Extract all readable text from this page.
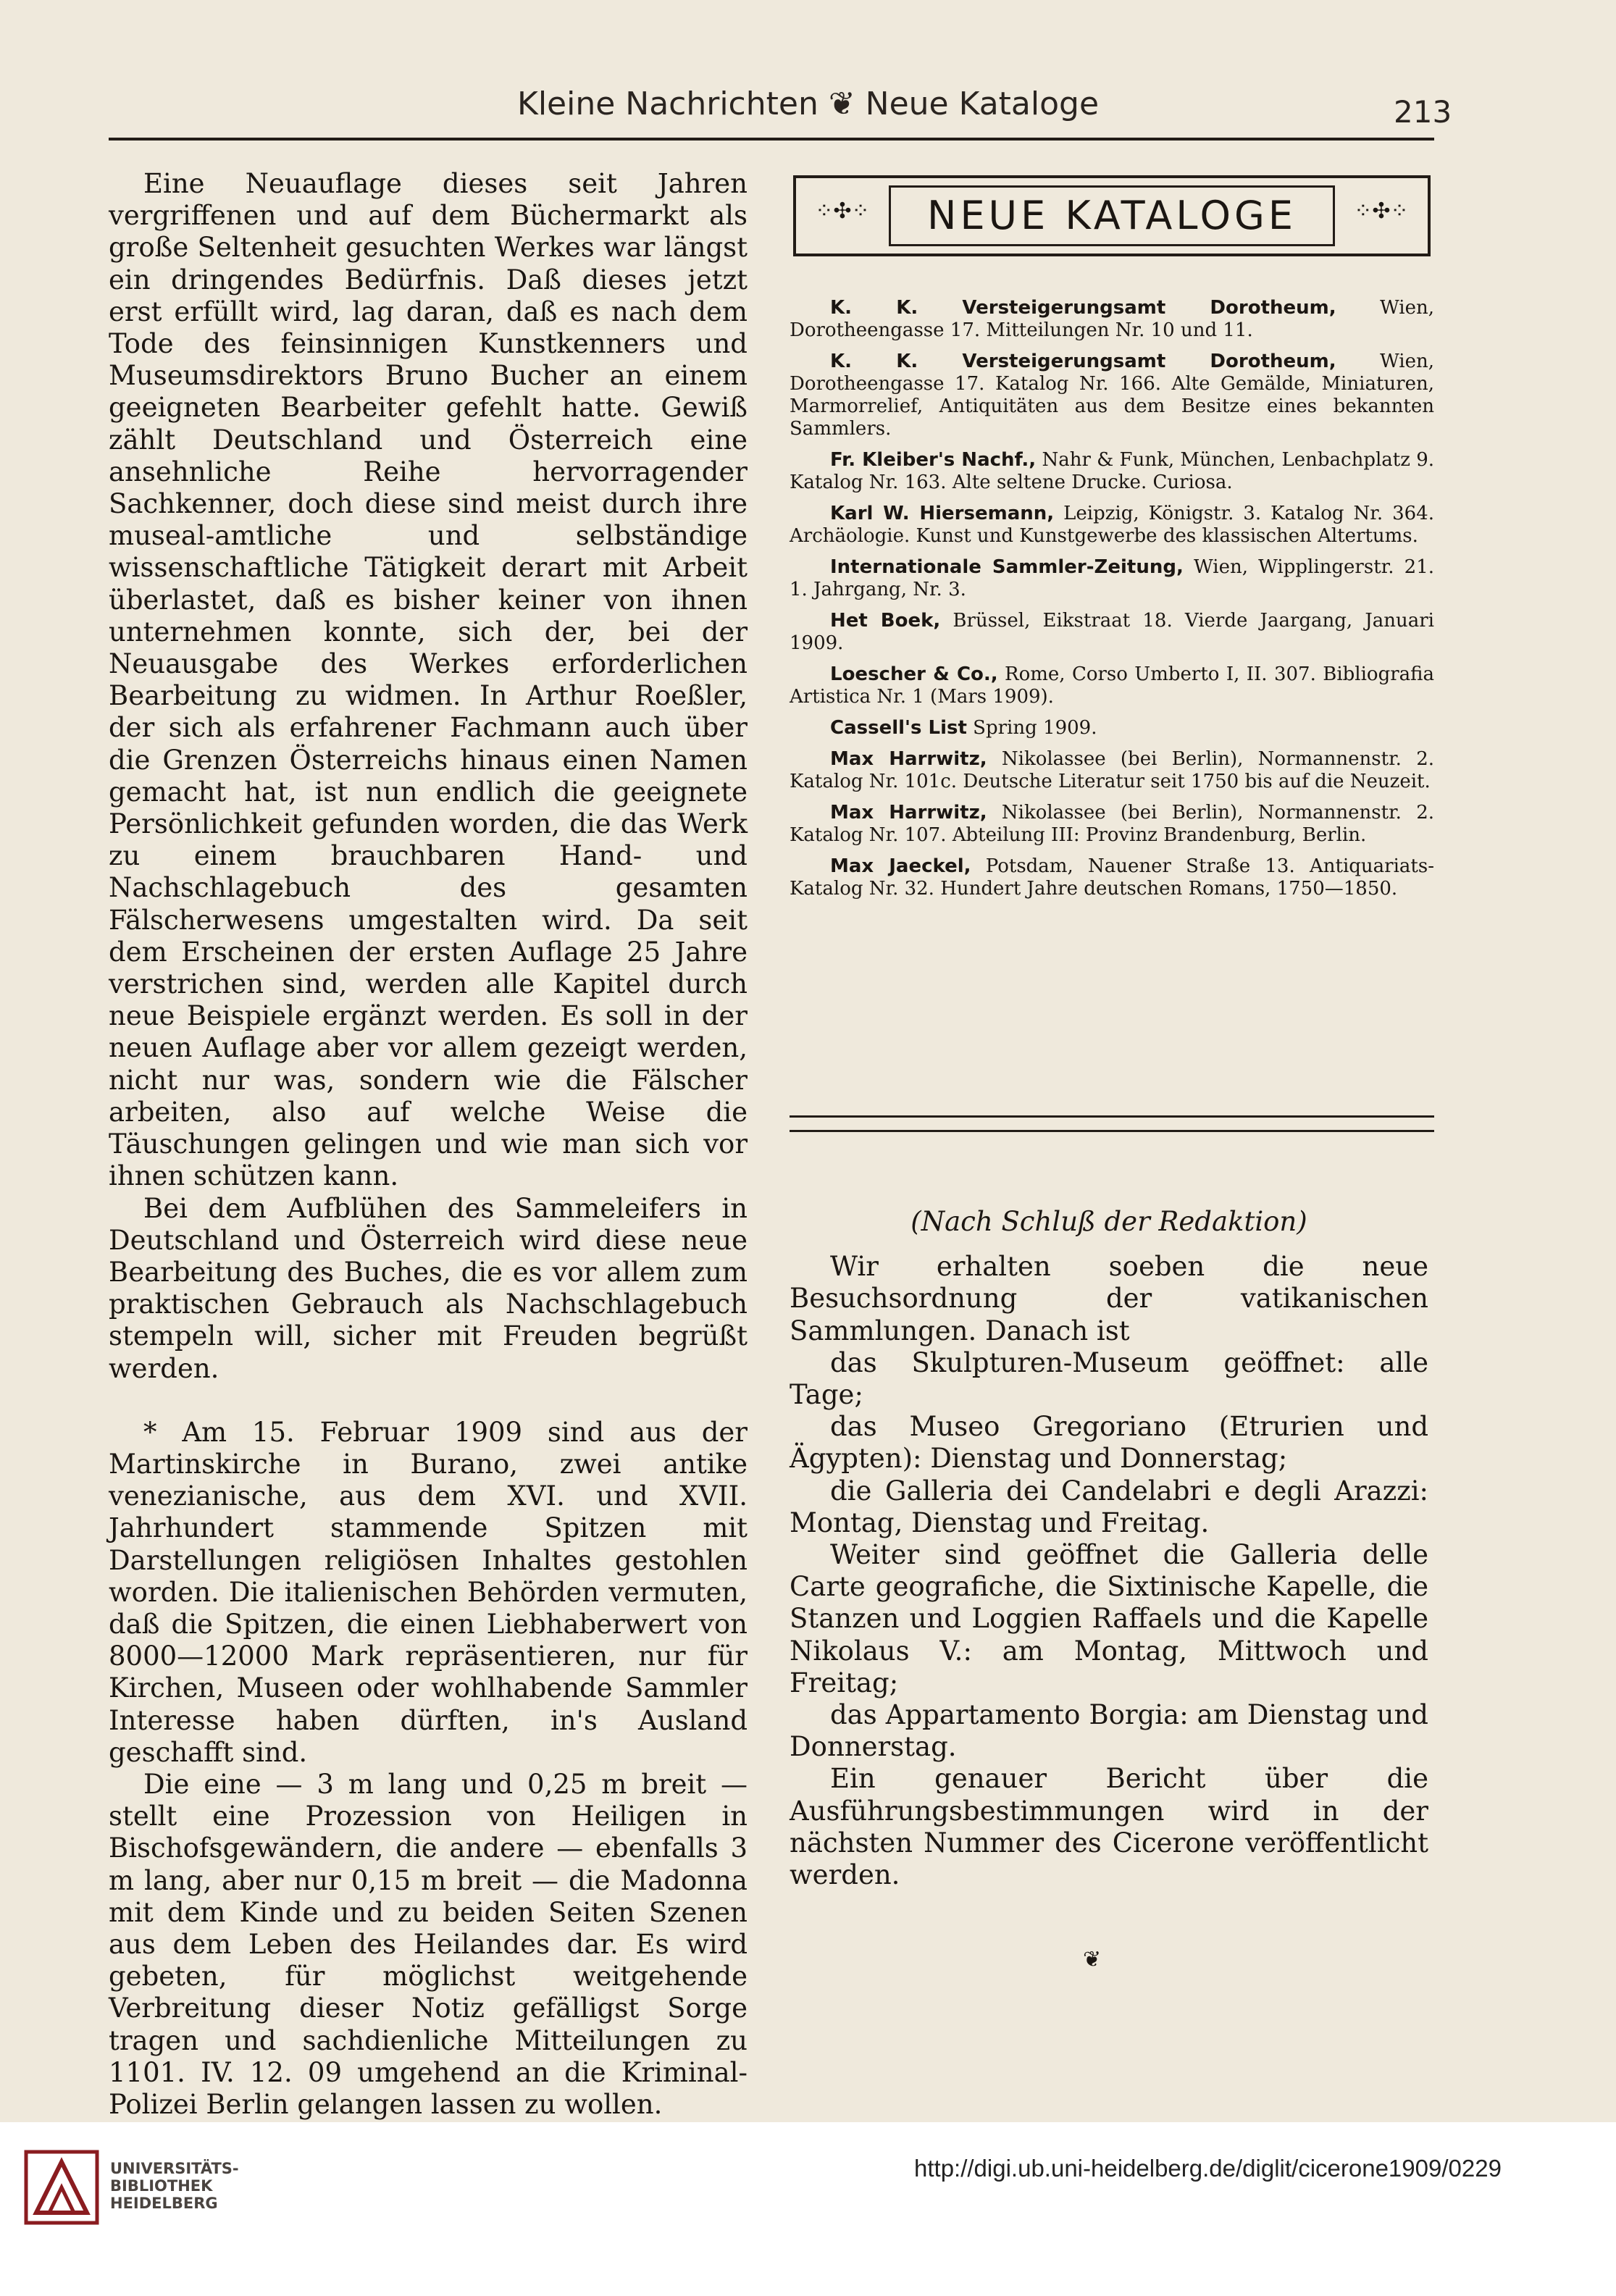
Kleine Nachrichten ❦ Neue Kataloge	213

Eine Neuauflage dieses seit Jahren vergriffenen und auf dem Büchermarkt als große Seltenheit gesuchten Werkes war längst ein dringendes Bedürfnis. Daß dieses jetzt erst erfüllt wird, lag daran, daß es nach dem Tode des feinsinnigen Kunstkenners und Museumsdirektors Bruno Bucher an einem geeigneten Bearbeiter gefehlt hatte. Gewiß zählt Deutschland und Österreich eine ansehnliche Reihe hervorragender Sachkenner, doch diese sind meist durch ihre museal-amtliche und selbständige wissenschaftliche Tätigkeit derart mit Arbeit überlastet, daß es bisher keiner von ihnen unternehmen konnte, sich der, bei der Neuausgabe des Werkes erforderlichen Bearbeitung zu widmen. In Arthur Roeßler, der sich als erfahrener Fachmann auch über die Grenzen Österreichs hinaus einen Namen gemacht hat, ist nun endlich die geeignete Persönlichkeit gefunden worden, die das Werk zu einem brauchbaren Hand- und Nachschlagebuch des gesamten Fälscherwesens umgestalten wird. Da seit dem Erscheinen der ersten Auflage 25 Jahre verstrichen sind, werden alle Kapitel durch neue Beispiele ergänzt werden. Es soll in der neuen Auflage aber vor allem gezeigt werden, nicht nur was, sondern wie die Fälscher arbeiten, also auf welche Weise die Täuschungen gelingen und wie man sich vor ihnen schützen kann.

Bei dem Aufblühen des Sammeleifers in Deutschland und Österreich wird diese neue Bearbeitung des Buches, die es vor allem zum praktischen Gebrauch als Nachschlagebuch stempeln will, sicher mit Freuden begrüßt werden.

* Am 15. Februar 1909 sind aus der Martinskirche in Burano, zwei antike venezianische, aus dem XVI. und XVII. Jahrhundert stammende Spitzen mit Darstellungen religiösen Inhaltes gestohlen worden. Die italienischen Behörden vermuten, daß die Spitzen, die einen Liebhaberwert von 8000—12000 Mark repräsentieren, nur für Kirchen, Museen oder wohlhabende Sammler Interesse haben dürften, in's Ausland geschafft sind.

Die eine — 3 m lang und 0,25 m breit — stellt eine Prozession von Heiligen in Bischofsgewändern, die andere — ebenfalls 3 m lang, aber nur 0,15 m breit — die Madonna mit dem Kinde und zu beiden Seiten Szenen aus dem Leben des Heilandes dar. Es wird gebeten, für möglichst weitgehende Verbreitung dieser Notiz gefälligst Sorge tragen und sachdienliche Mitteilungen zu 1101. IV. 12. 09 umgehend an die Kriminal-Polizei Berlin gelangen lassen zu wollen.

⁘✣⁘	NEUE KATALOGE	⁘✣⁘

K. K. Versteigerungsamt Dorotheum, Wien, Dorotheengasse 17. Mitteilungen Nr. 10 und 11.

K. K. Versteigerungsamt Dorotheum, Wien, Dorotheengasse 17. Katalog Nr. 166. Alte Gemälde, Miniaturen, Marmorrelief, Antiquitäten aus dem Besitze eines bekannten Sammlers.

Fr. Kleiber's Nachf., Nahr & Funk, München, Lenbachplatz 9. Katalog Nr. 163. Alte seltene Drucke. Curiosa.

Karl W. Hiersemann, Leipzig, Königstr. 3. Katalog Nr. 364. Archäologie. Kunst und Kunstgewerbe des klassischen Altertums.

Internationale Sammler-Zeitung, Wien, Wipplingerstr. 21. 1. Jahrgang, Nr. 3.

Het Boek, Brüssel, Eikstraat 18. Vierde Jaargang, Januari 1909.

Loescher & Co., Rome, Corso Umberto I, II. 307. Bibliografia Artistica Nr. 1 (Mars 1909).

Cassell's List Spring 1909.

Max Harrwitz, Nikolassee (bei Berlin), Normannenstr. 2. Katalog Nr. 101c. Deutsche Literatur seit 1750 bis auf die Neuzeit.

Max Harrwitz, Nikolassee (bei Berlin), Normannenstr. 2. Katalog Nr. 107. Abteilung III: Provinz Brandenburg, Berlin.

Max Jaeckel, Potsdam, Nauener Straße 13. Antiquariats-Katalog Nr. 32. Hundert Jahre deutschen Romans, 1750—1850.

(Nach Schluß der Redaktion)

Wir erhalten soeben die neue Besuchsordnung der vatikanischen Sammlungen. Danach ist

das Skulpturen-Museum geöffnet: alle Tage;

das Museo Gregoriano (Etrurien und Ägypten): Dienstag und Donnerstag;

die Galleria dei Candelabri e degli Arazzi: Montag, Dienstag und Freitag.

Weiter sind geöffnet die Galleria delle Carte geografiche, die Sixtinische Kapelle, die Stanzen und Loggien Raffaels und die Kapelle Nikolaus V.: am Montag, Mittwoch und Freitag;

das Appartamento Borgia: am Dienstag und Donnerstag.

Ein genauer Bericht über die Ausführungsbestimmungen wird in der nächsten Nummer des Cicerone veröffentlicht werden.

❦
UNIVERSITÄTS-
BIBLIOTHEK
HEIDELBERG
http://digi.ub.uni-heidelberg.de/diglit/cicerone1909/0229
